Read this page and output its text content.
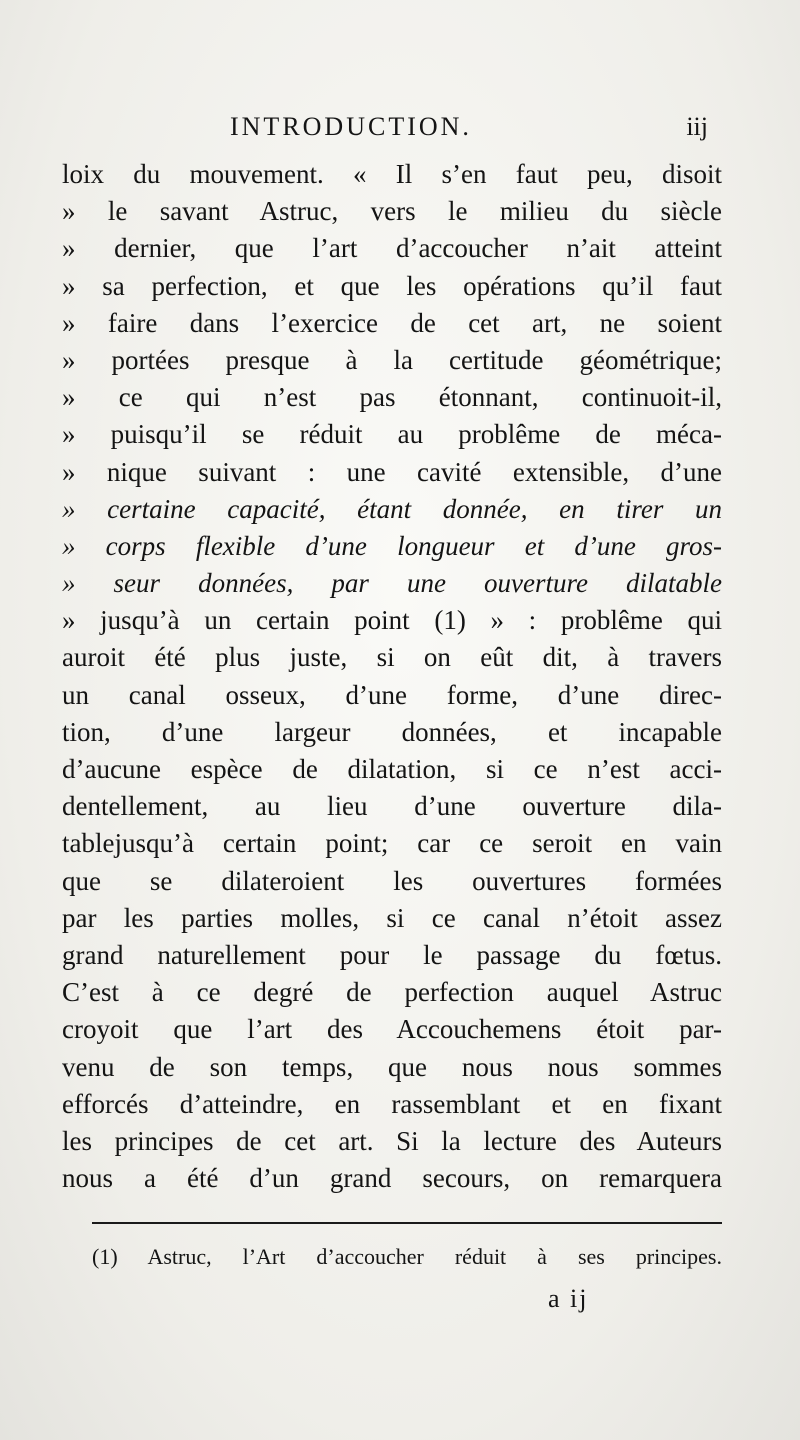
INTRODUCTION.	iij
loix du mouvement. « Il s’en faut peu, disoit
» le savant Astruc, vers le milieu du siècle
» dernier, que l’art d’accoucher n’ait atteint
» sa perfection, et que les opérations qu’il faut
» faire dans l’exercice de cet art, ne soient
» portées presque à la certitude géométrique;
» ce qui n’est pas étonnant, continuoit-il,
» puisqu’il se réduit au problême de méca-
» nique suivant : une cavité extensible, d’une
» certaine capacité, étant donnée, en tirer un
» corps flexible d’une longueur et d’une gros-
» seur données, par une ouverture dilatable
» jusqu’à un certain point (1) » : problême qui
auroit été plus juste, si on eût dit, à travers
un canal osseux, d’une forme, d’une direc-
tion, d’une largeur données, et incapable
d’aucune espèce de dilatation, si ce n’est acci-
dentellement, au lieu d’une ouverture dila-
tablejusqu’à certain point; car ce seroit en vain
que se dilateroient les ouvertures formées
par les parties molles, si ce canal n’étoit assez
grand naturellement pour le passage du fœtus.
C’est à ce degré de perfection auquel Astruc
croyoit que l’art des Accouchemens étoit par-
venu de son temps, que nous nous sommes
efforcés d’atteindre, en rassemblant et en fixant
les principes de cet art. Si la lecture des Auteurs
nous a été d’un grand secours, on remarquera
(1) Astruc, l’Art d’accoucher réduit à ses principes.
a ij
